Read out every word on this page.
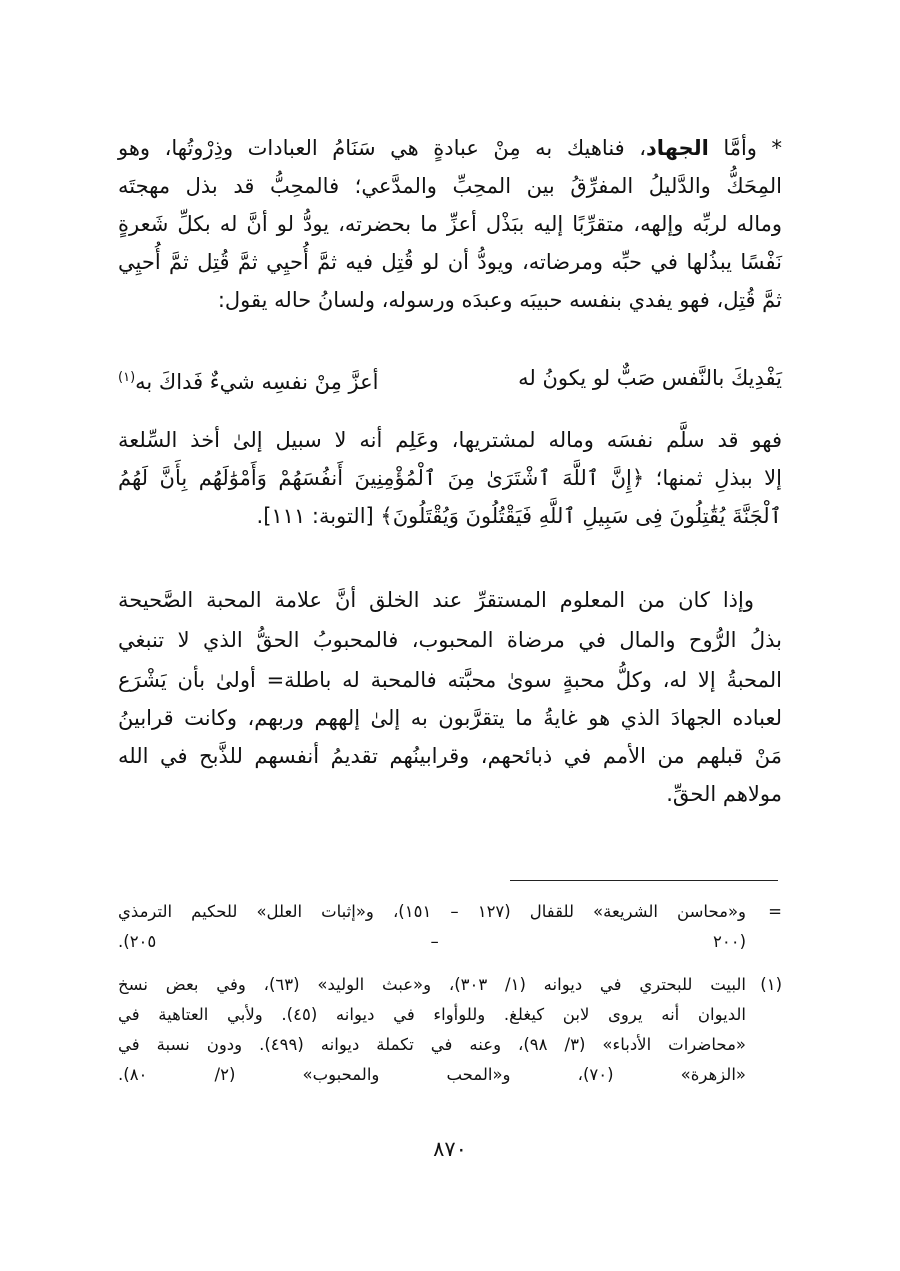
* وأمَّا الجهاد، فناهيك به مِنْ عبادةٍ هي سَنَامُ العبادات وذِرْوتُها، وهو
المِحَكُّ والدَّليلُ المفرِّقُ بين المحِبِّ والمدَّعي؛ فالمحِبُّ قد بذل مهجتَه
وماله لربِّه وإلهه، متقرِّبًا إليه ببَذْل أعزِّ ما بحضرته، يودُّ لو أنَّ له بكلِّ شَعرةٍ
نَفْسًا يبذُلها في حبِّه ومرضاته، ويودُّ أن لو قُتِل فيه ثمَّ أُحيِي ثمَّ قُتِل ثمَّ أُحيِي
ثمَّ قُتِل، فهو يفدي بنفسه حبيبَه وعبدَه ورسوله، ولسانُ حاله يقول:
يَفْدِيكَ بالنَّفس صَبٌّ لو يكونُ له
أعزَّ مِنْ نفسِه شيءٌ فَداكَ به$^{(١)}$
فهو قد سلَّم نفسَه وماله لمشتريها، وعَلِم أنه لا سبيل إلىٰ أخذ السِّلعة
إلا ببذلِ ثمنها؛ ﴿إِنَّ ٱللَّهَ ٱشْتَرَىٰ مِنَ ٱلْمُؤْمِنِينَ أَنفُسَهُمْ وَأَمْوَٰلَهُم بِأَنَّ لَهُمُ
ٱلْجَنَّةَ يُقَٰتِلُونَ فِى سَبِيلِ ٱللَّهِ فَيَقْتُلُونَ وَيُقْتَلُونَ﴾ [التوبة: ١١١].
وإذا كان من المعلوم المستقرِّ عند الخلق أنَّ علامة المحبة الصَّحيحة
بذلُ الرُّوح والمال في مرضاة المحبوب، فالمحبوبُ الحقُّ الذي لا تنبغي
المحبةُ إلا له، وكلُّ محبةٍ سوىٰ محبَّته فالمحبة له باطلة= أولىٰ بأن يَشْرَع
لعباده الجهادَ الذي هو غايةُ ما يتقرَّبون به إلىٰ إلههم وربهم، وكانت قرابينُ
مَنْ قبلهم من الأمم في ذبائحهم، وقرابينُهم تقديمُ أنفسهم للذَّبح في الله
مولاهم الحقِّ.
=
و«محاسن الشريعة» للقفال (١٢٧ – ١٥١)، و«إثبات العلل» للحكيم الترمذي
(٢٠٠ – ٢٠٥).
(١)
البيت للبحتري في ديوانه (١/ ٣٠٣)، و«عبث الوليد» (٦٣)، وفي بعض نسخ
الديوان أنه يروى لابن كيغلغ. وللوأواء في ديوانه (٤٥). ولأبي العتاهية في
«محاضرات الأدباء» (٣/ ٩٨)، وعنه في تكملة ديوانه (٤٩٩). ودون نسبة في
«الزهرة» (٧٠)، و«المحب والمحبوب» (٢/ ٨٠).
٨٧٠
